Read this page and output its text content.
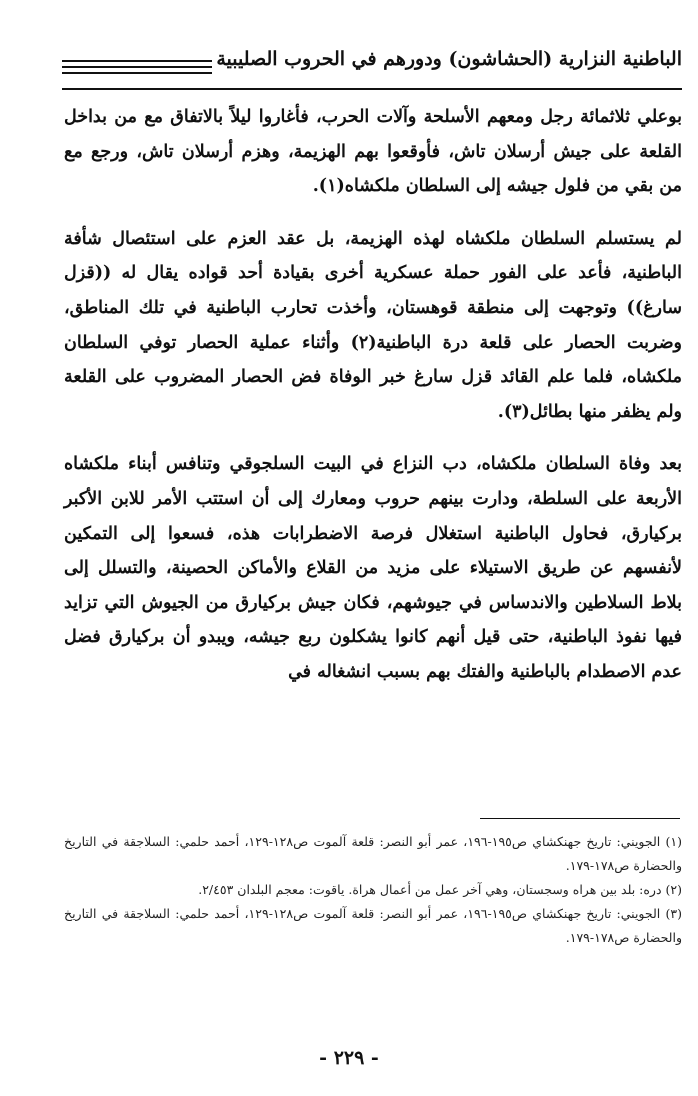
الباطنية النزارية (الحشاشون) ودورهم في الحروب الصليبية

بوعلي ثلاثمائة رجل ومعهم الأسلحة وآلات الحرب، فأغاروا ليلاً بالاتفاق مع من بداخل القلعة على جيش أرسلان تاش، فأوقعوا بهم الهزيمة، وهزم أرسلان تاش، ورجع مع من بقي من فلول جيشه إلى السلطان ملكشاه(١).

لم يستسلم السلطان ملكشاه لهذه الهزيمة، بل عقد العزم على استئصال شأفة الباطنية، فأعد على الفور حملة عسكرية أخرى بقيادة أحد قواده يقال له ((قزل سارغ)) وتوجهت إلى منطقة قوهستان، وأخذت تحارب الباطنية في تلك المناطق، وضربت الحصار على قلعة درة الباطنية(٢) وأثناء عملية الحصار توفي السلطان ملكشاه، فلما علم القائد قزل سارغ خبر الوفاة فض الحصار المضروب على القلعة ولم يظفر منها بطائل(٣).

بعد وفاة السلطان ملكشاه، دب النزاع في البيت السلجوقي وتنافس أبناء ملكشاه الأربعة على السلطة، ودارت بينهم حروب ومعارك إلى أن استتب الأمر للابن الأكبر بركيارق، فحاول الباطنية استغلال فرصة الاضطرابات هذه، فسعوا إلى التمكين لأنفسهم عن طريق الاستيلاء على مزيد من القلاع والأماكن الحصينة، والتسلل إلى بلاط السلاطين والاندساس في جيوشهم، فكان جيش بركيارق من الجيوش التي تزايد فيها نفوذ الباطنية، حتى قيل أنهم كانوا يشكلون ربع جيشه، ويبدو أن بركيارق فضل عدم الاصطدام بالباطنية والفتك بهم بسبب انشغاله في

(١) الجويني: تاريخ جهنكشاي ص١٩٥-١٩٦، عمر أبو النصر: قلعة آلموت ص١٢٨-١٢٩، أحمد حلمي: السلاجقة في التاريخ والحضارة ص١٧٨-١٧٩.
(٢) دره: بلد بين هراه وسجستان، وهي آخر عمل من أعمال هراة. ياقوت: معجم البلدان ٢/٤٥٣.
(٣) الجويني: تاريخ جهنكشاي ص١٩٥-١٩٦، عمر أبو النصر: قلعة آلموت ص١٢٨-١٢٩، أحمد حلمي: السلاجقة في التاريخ والحضارة ص١٧٨-١٧٩.
- ٢٢٩ -
